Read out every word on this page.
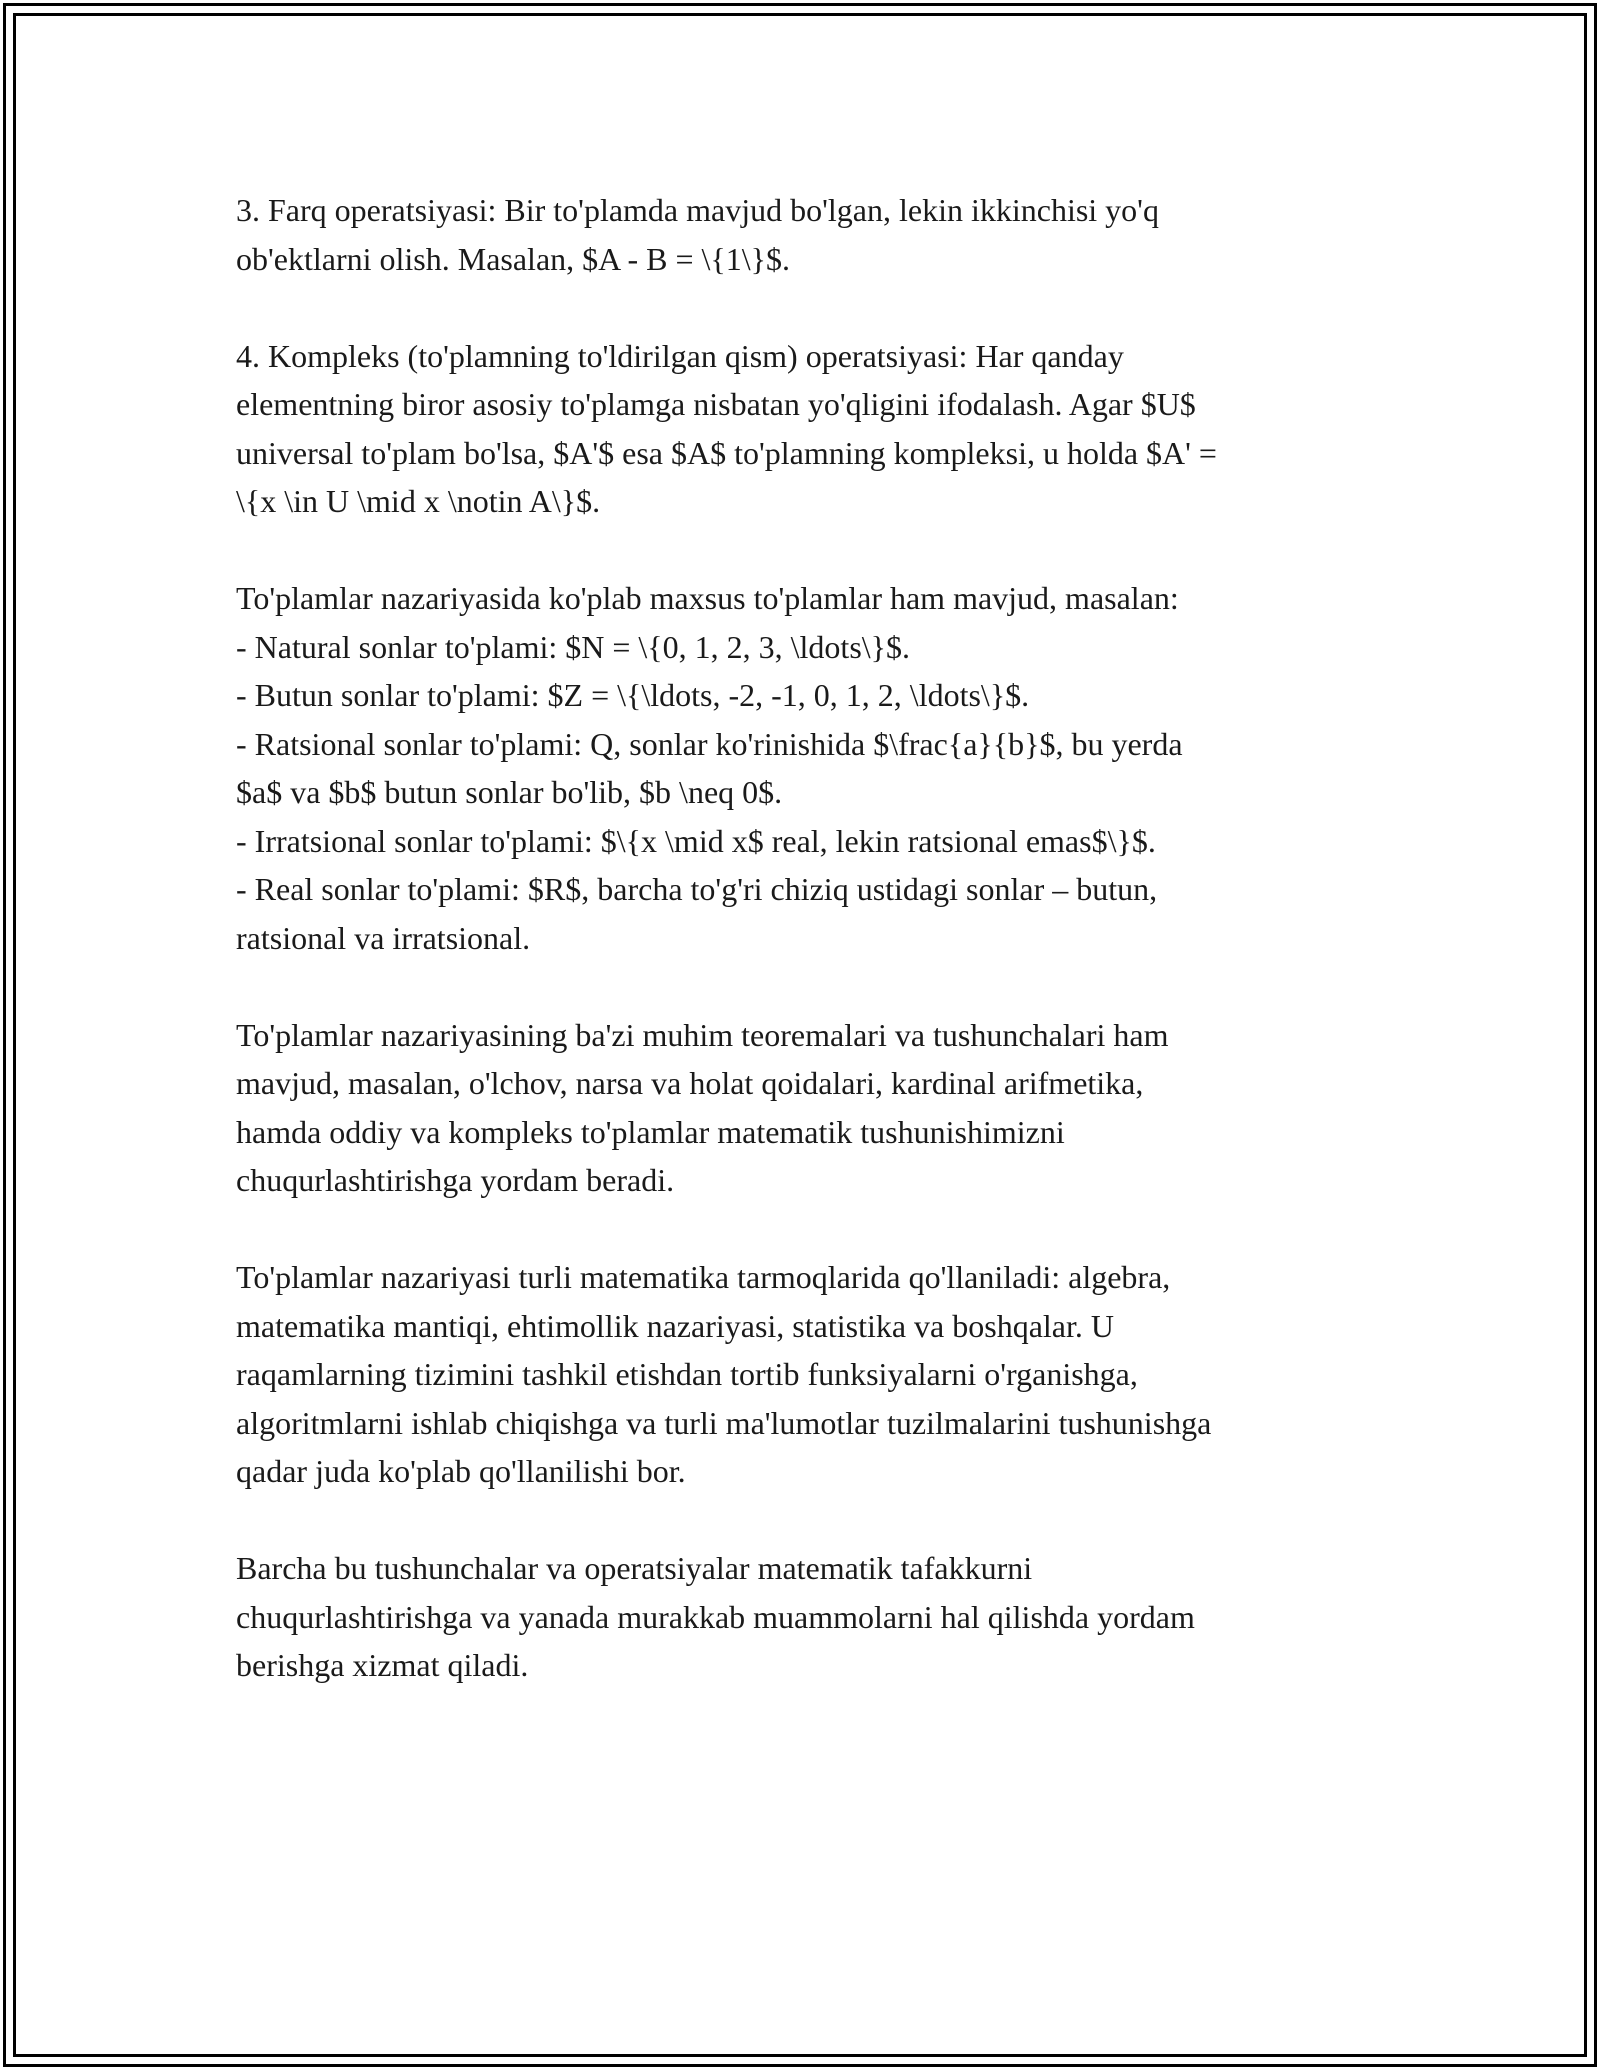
3. Farq operatsiyasi: Bir to'plamda mavjud bo'lgan, lekin ikkinchisi yo'q
ob'ektlarni olish. Masalan, $A - B = \{1\}$.
4. Kompleks (to'plamning to'ldirilgan qism) operatsiyasi: Har qanday
elementning biror asosiy to'plamga nisbatan yo'qligini ifodalash. Agar $U$
universal to'plam bo'lsa, $A'$ esa $A$ to'plamning kompleksi, u holda $A' =
\{x \in U \mid x \notin A\}$.
To'plamlar nazariyasida ko'plab maxsus to'plamlar ham mavjud, masalan:
- Natural sonlar to'plami: $N = \{0, 1, 2, 3, \ldots\}$.
- Butun sonlar to'plami: $Z = \{\ldots, -2, -1, 0, 1, 2, \ldots\}$.
- Ratsional sonlar to'plami: Q, sonlar ko'rinishida $\frac{a}{b}$, bu yerda
$a$ va $b$ butun sonlar bo'lib, $b \neq 0$.
- Irratsional sonlar to'plami: $\{x \mid x$ real, lekin ratsional emas$\}$.
- Real sonlar to'plami: $R$, barcha to'g'ri chiziq ustidagi sonlar – butun,
ratsional va irratsional.
To'plamlar nazariyasining ba'zi muhim teoremalari va tushunchalari ham
mavjud, masalan, o'lchov, narsa va holat qoidalari, kardinal arifmetika,
hamda oddiy va kompleks to'plamlar matematik tushunishimizni
chuqurlashtirishga yordam beradi.
To'plamlar nazariyasi turli matematika tarmoqlarida qo'llaniladi: algebra,
matematika mantiqi, ehtimollik nazariyasi, statistika va boshqalar. U
raqamlarning tizimini tashkil etishdan tortib funksiyalarni o'rganishga,
algoritmlarni ishlab chiqishga va turli ma'lumotlar tuzilmalarini tushunishga
qadar juda ko'plab qo'llanilishi bor.
Barcha bu tushunchalar va operatsiyalar matematik tafakkurni
chuqurlashtirishga va yanada murakkab muammolarni hal qilishda yordam
berishga xizmat qiladi.
